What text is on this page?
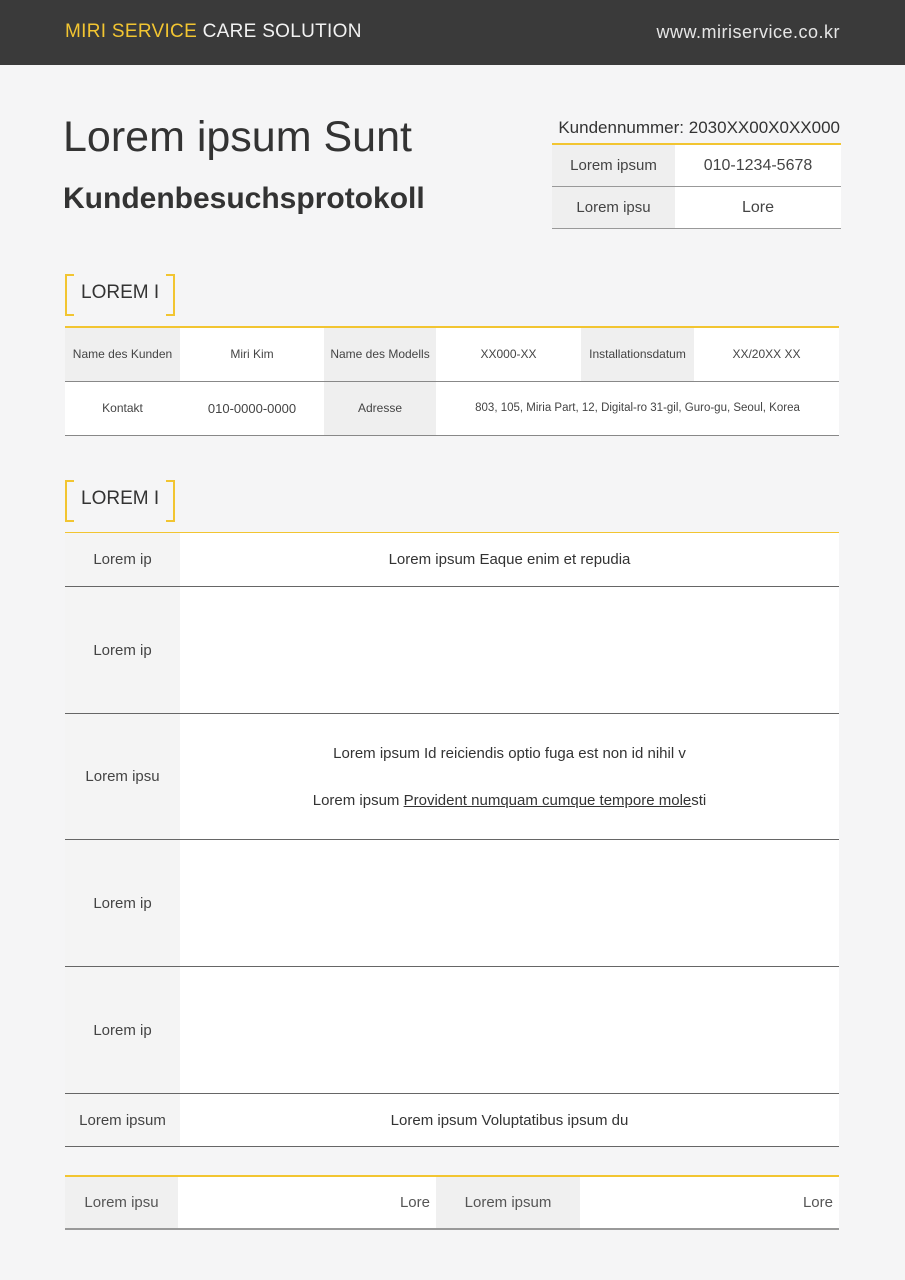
MIRI SERVICE CARE SOLUTION	www.miriservice.co.kr
Lorem ipsum Sunt
Kundenbesuchsprotokoll
Kundennummer: 2030XX00X0XX000
Lorem ipsum	010-1234-5678
Lorem ipsu	Lore
LOREM I
Name des Kunden	Miri Kim	Name des Modells	XX000-XX	Installationsdatum	XX/20XX XX
Kontakt	010-0000-0000	Adresse	803, 105, Miria Part, 12, Digital-ro 31-gil, Guro-gu, Seoul, Korea		
LOREM I
Lorem ip	Lorem ipsum Eaque enim et repudia
Lorem ip	
Lorem ipsu	Lorem ipsum Id reiciendis optio fuga est non id nihil v

Lorem ipsum Provident numquam cumque tempore molesti

Lorem ip	
Lorem ip	
Lorem ipsum	Lorem ipsum Voluptatibus ipsum du
Lorem ipsu	Lore	Lorem ipsum	Lore
